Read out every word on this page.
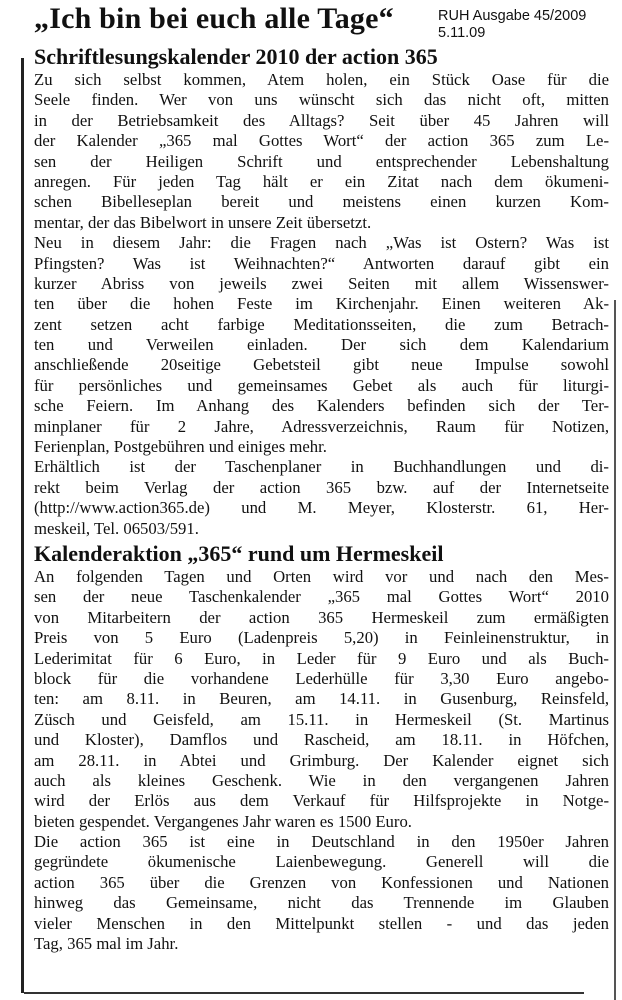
„Ich bin bei euch alle Tage“	RUH Ausgabe 45/2009
5.11.09
Schriftlesungskalender 2010 der action 365
Zu sich selbst kommen, Atem holen, ein Stück Oase für die
Seele finden. Wer von uns wünscht sich das nicht oft, mitten
in der Betriebsamkeit des Alltags? Seit über 45 Jahren will
der Kalender „365 mal Gottes Wort“ der action 365 zum Le-
sen der Heiligen Schrift und entsprechender Lebenshaltung
anregen. Für jeden Tag hält er ein Zitat nach dem ökumeni-
schen Bibelleseplan bereit und meistens einen kurzen Kom-
mentar, der das Bibelwort in unsere Zeit übersetzt.
Neu in diesem Jahr: die Fragen nach „Was ist Ostern? Was ist
Pfingsten? Was ist Weihnachten?“ Antworten darauf gibt ein
kurzer Abriss von jeweils zwei Seiten mit allem Wissenswer-
ten über die hohen Feste im Kirchenjahr. Einen weiteren Ak-
zent setzen acht farbige Meditationsseiten, die zum Betrach-
ten und Verweilen einladen. Der sich dem Kalendarium
anschließende 20seitige Gebetsteil gibt neue Impulse sowohl
für persönliches und gemeinsames Gebet als auch für liturgi-
sche Feiern. Im Anhang des Kalenders befinden sich der Ter-
minplaner für 2 Jahre, Adressverzeichnis, Raum für Notizen,
Ferienplan, Postgebühren und einiges mehr.
Erhältlich ist der Taschenplaner in Buchhandlungen und di-
rekt beim Verlag der action 365 bzw. auf der Internetseite
(http://www.action365.de) und M. Meyer, Klosterstr. 61, Her-
meskeil, Tel. 06503/591.
Kalenderaktion „365“ rund um Hermeskeil
An folgenden Tagen und Orten wird vor und nach den Mes-
sen der neue Taschenkalender „365 mal Gottes Wort“ 2010
von Mitarbeitern der action 365 Hermeskeil zum ermäßigten
Preis von 5 Euro (Ladenpreis 5,20) in Feinleinenstruktur, in
Lederimitat für 6 Euro, in Leder für 9 Euro und als Buch-
block für die vorhandene Lederhülle für 3,30 Euro angebo-
ten: am 8.11. in Beuren, am 14.11. in Gusenburg, Reinsfeld,
Züsch und Geisfeld, am 15.11. in Hermeskeil (St. Martinus
und Kloster), Damflos und Rascheid, am 18.11. in Höfchen,
am 28.11. in Abtei und Grimburg. Der Kalender eignet sich
auch als kleines Geschenk. Wie in den vergangenen Jahren
wird der Erlös aus dem Verkauf für Hilfsprojekte in Notge-
bieten gespendet. Vergangenes Jahr waren es 1500 Euro.
Die action 365 ist eine in Deutschland in den 1950er Jahren
gegründete ökumenische Laienbewegung. Generell will die
action 365 über die Grenzen von Konfessionen und Nationen
hinweg das Gemeinsame, nicht das Trennende im Glauben
vieler Menschen in den Mittelpunkt stellen - und das jeden
Tag, 365 mal im Jahr.
